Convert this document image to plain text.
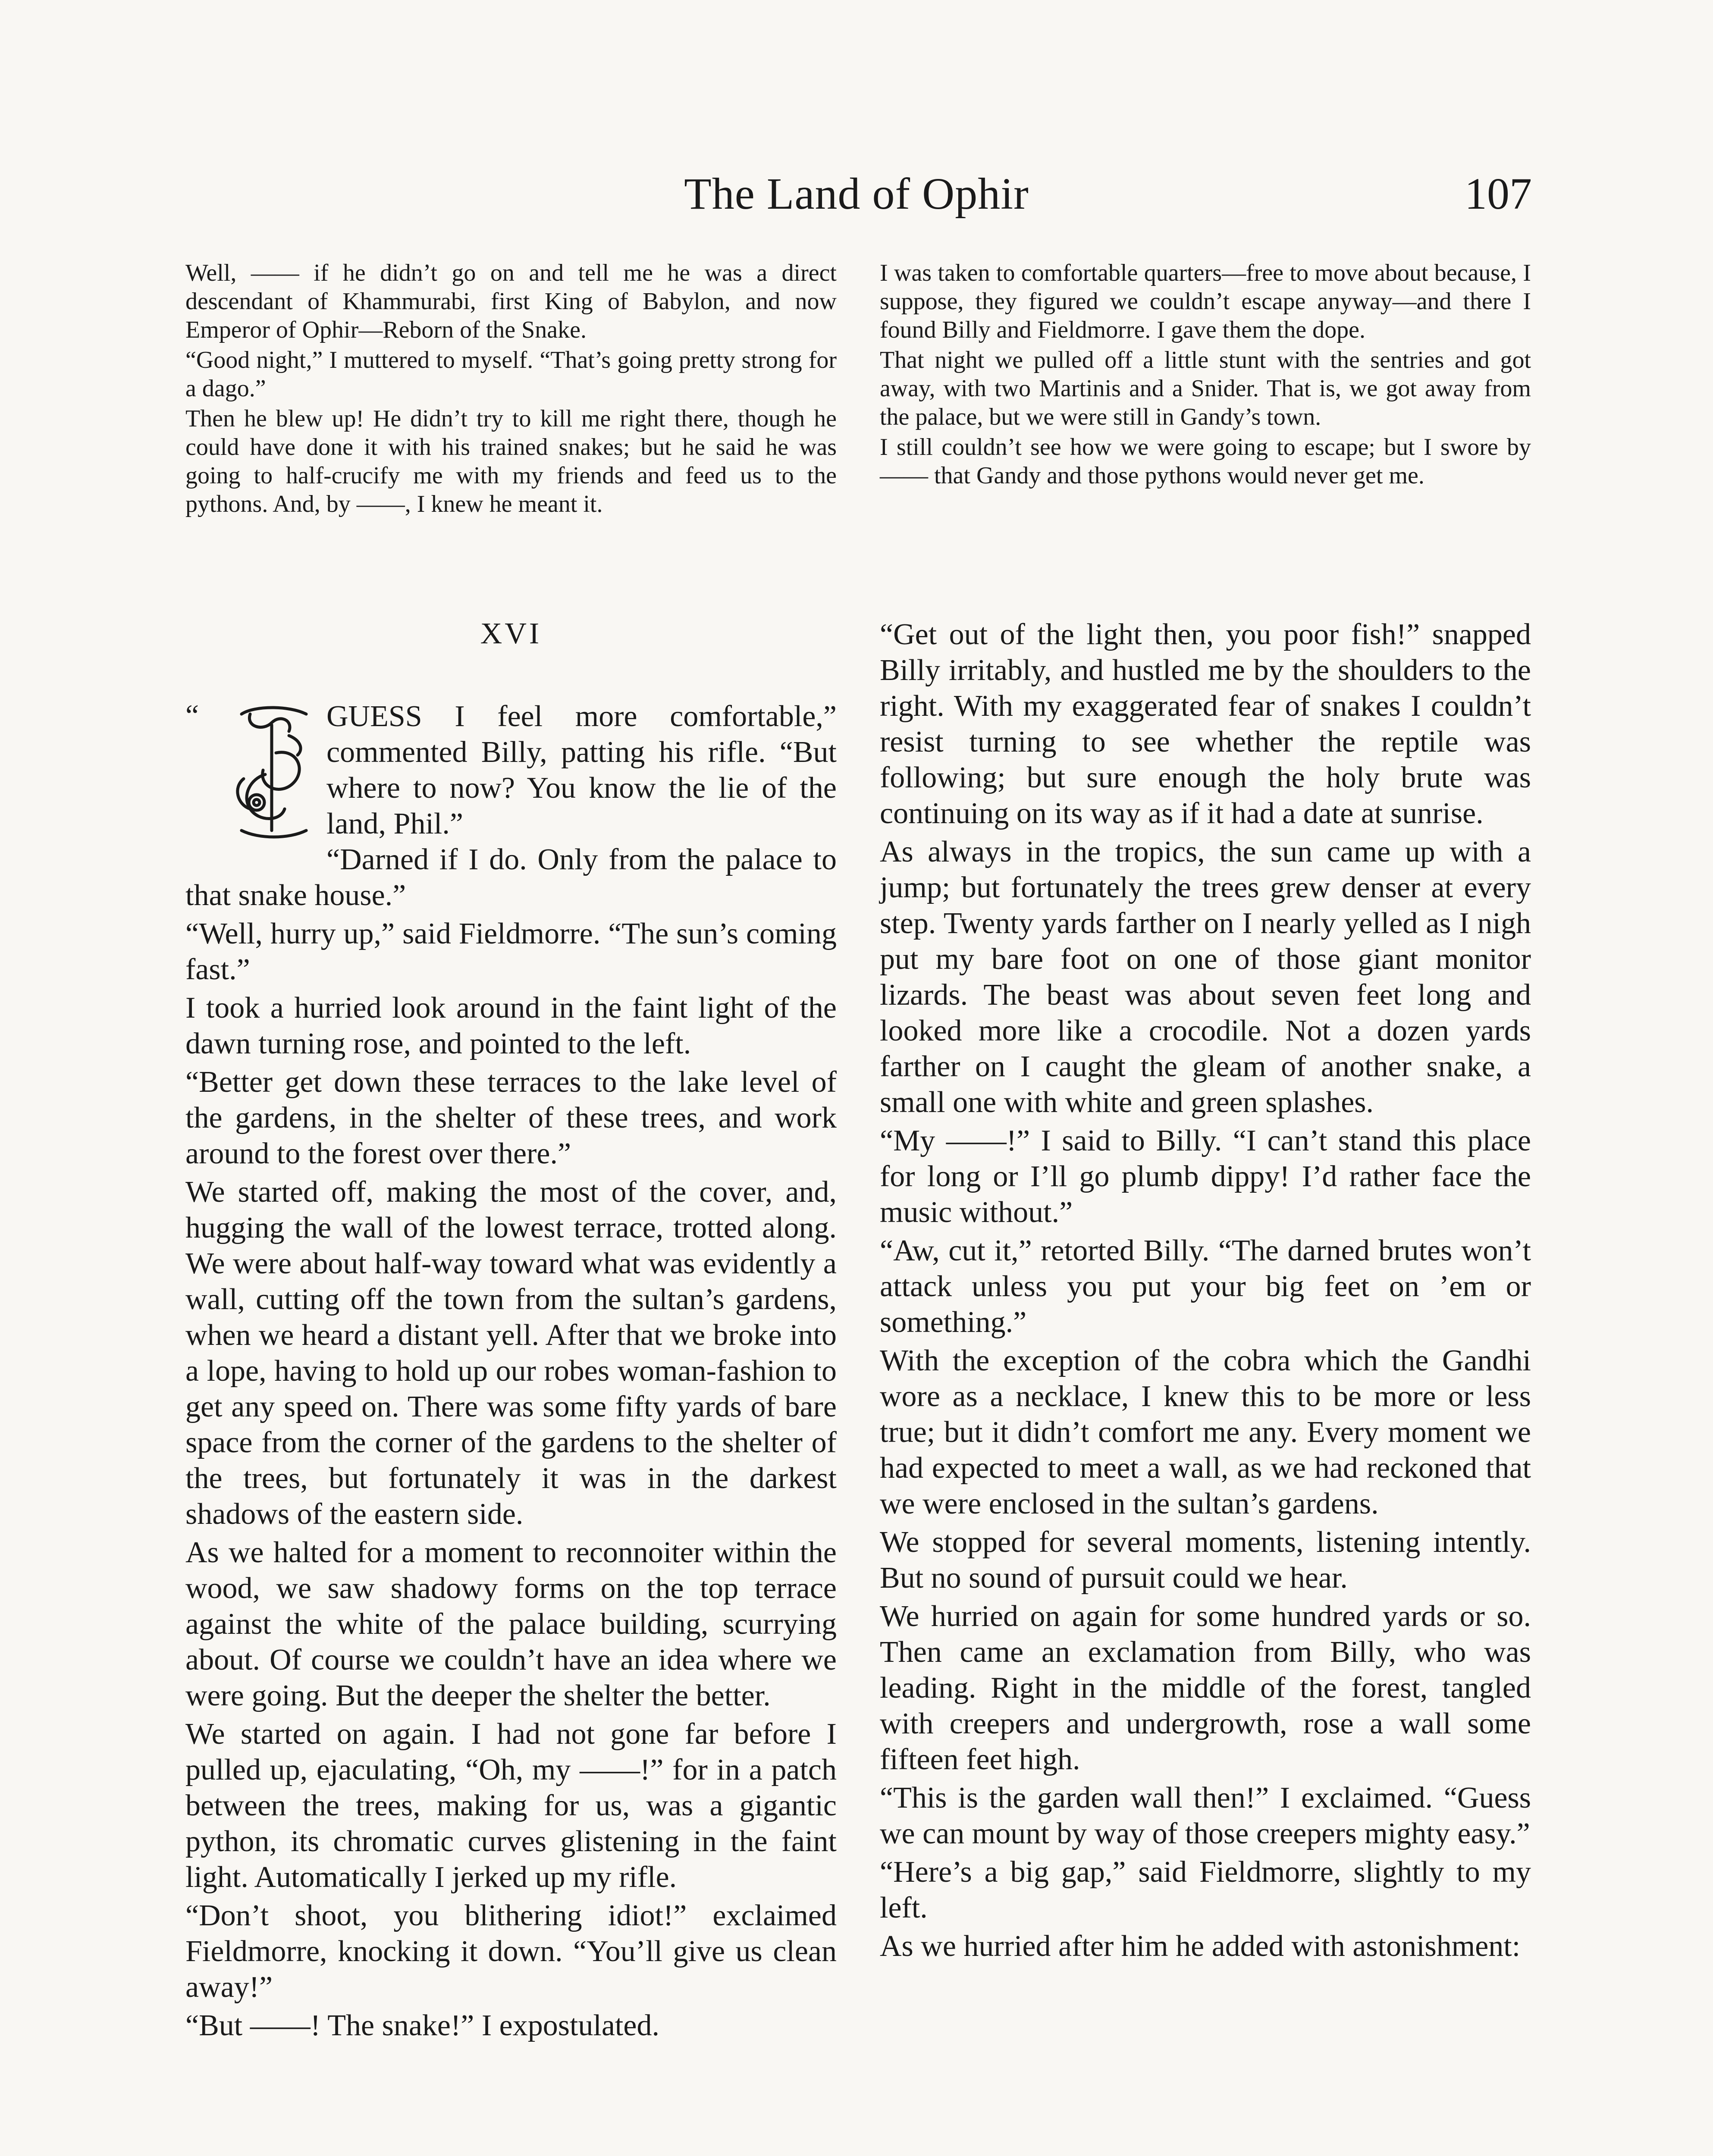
The Land of Ophir	107

Well, —— if he didn’t go on and tell me he was a direct descendant of Khammurabi, first King of Babylon, and now Emperor of Ophir—Reborn of the Snake.

“Good night,” I muttered to myself. “That’s going pretty strong for a dago.”

Then he blew up! He didn’t try to kill me right there, though he could have done it with his trained snakes; but he said he was going to half-crucify me with my friends and feed us to the pythons. And, by ——, I knew he meant it.

I was taken to comfortable quarters—free to move about because, I suppose, they figured we couldn’t escape anyway—and there I found Billy and Fieldmorre. I gave them the dope.

That night we pulled off a little stunt with the sentries and got away, with two Martinis and a Snider. That is, we got away from the palace, but we were still in Gandy’s town.

I still couldn’t see how we were going to escape; but I swore by —— that Gandy and those pythons would never get me.

XVI
“	GUESS I feel more comfortable,” commented Billy, patting his rifle. “But where to now? You know the lie of the land, Phil.”

“Darned if I do. Only from the palace to that snake house.”

“Well, hurry up,” said Fieldmorre. “The sun’s coming fast.”

I took a hurried look around in the faint light of the dawn turning rose, and pointed to the left.

“Better get down these terraces to the lake level of the gardens, in the shelter of these trees, and work around to the forest over there.”

We started off, making the most of the cover, and, hugging the wall of the lowest terrace, trotted along. We were about half-way toward what was evidently a wall, cutting off the town from the sultan’s gardens, when we heard a distant yell. After that we broke into a lope, having to hold up our robes woman-fashion to get any speed on. There was some fifty yards of bare space from the corner of the gardens to the shelter of the trees, but fortunately it was in the darkest shadows of the eastern side.

As we halted for a moment to reconnoiter within the wood, we saw shadowy forms on the top terrace against the white of the palace building, scurrying about. Of course we couldn’t have an idea where we were going. But the deeper the shelter the better.

We started on again. I had not gone far before I pulled up, ejaculating, “Oh, my ——!” for in a patch between the trees, making for us, was a gigantic python, its chromatic curves glistening in the faint light. Automatically I jerked up my rifle.

“Don’t shoot, you blithering idiot!” exclaimed Fieldmorre, knocking it down. “You’ll give us clean away!”

“But ——! The snake!” I expostulated.

“Get out of the light then, you poor fish!” snapped Billy irritably, and hustled me by the shoulders to the right. With my exaggerated fear of snakes I couldn’t resist turning to see whether the reptile was following; but sure enough the holy brute was continuing on its way as if it had a date at sunrise.

As always in the tropics, the sun came up with a jump; but fortunately the trees grew denser at every step. Twenty yards farther on I nearly yelled as I nigh put my bare foot on one of those giant monitor lizards. The beast was about seven feet long and looked more like a crocodile. Not a dozen yards farther on I caught the gleam of another snake, a small one with white and green splashes.

“My ——!” I said to Billy. “I can’t stand this place for long or I’ll go plumb dippy! I’d rather face the music without.”

“Aw, cut it,” retorted Billy. “The darned brutes won’t attack unless you put your big feet on ’em or something.”

With the exception of the cobra which the Gandhi wore as a necklace, I knew this to be more or less true; but it didn’t comfort me any. Every moment we had expected to meet a wall, as we had reckoned that we were enclosed in the sultan’s gardens.

We stopped for several moments, listening intently. But no sound of pursuit could we hear.

We hurried on again for some hundred yards or so. Then came an exclamation from Billy, who was leading. Right in the middle of the forest, tangled with creepers and undergrowth, rose a wall some fifteen feet high.

“This is the garden wall then!” I exclaimed. “Guess we can mount by way of those creepers mighty easy.”

“Here’s a big gap,” said Fieldmorre, slightly to my left.

As we hurried after him he added with astonishment:
